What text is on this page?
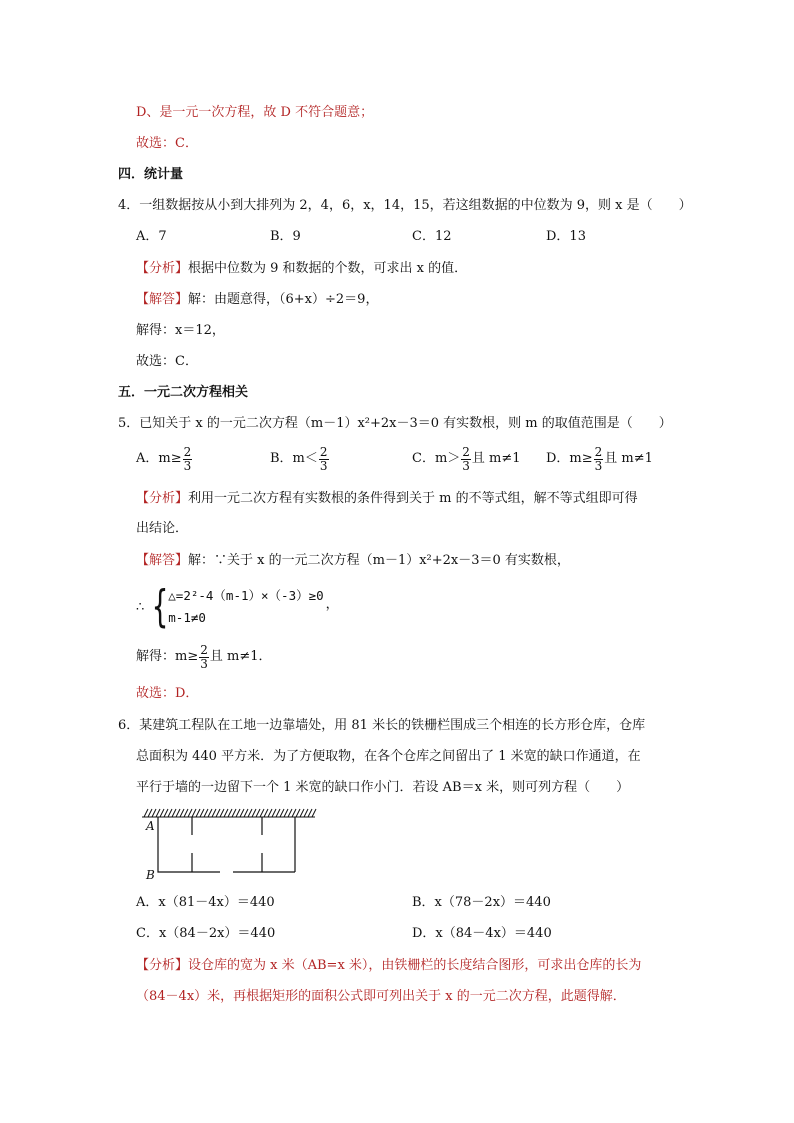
D、是一元一次方程，故 D 不符合题意；
故选：C．
四．统计量
4．一组数据按从小到大排列为 2，4，6，x，14，15，若这组数据的中位数为 9，则 x 是（　　）
A．7	B．9	C．12	D．13
【分析】根据中位数为 9 和数据的个数，可求出 x 的值．
【解答】解：由题意得，（6+x）÷2＝9，
解得：x＝12，
故选：C．
五．一元二次方程相关
5．已知关于 x 的一元二次方程（m－1）x²+2x－3＝0 有实数根，则 m 的取值范围是（　　）
A．$m\ge \frac{2}{3}$	B．$m< \frac{2}{3}$	C．$m> \frac{2}{3}$ 且 m≠1 D．$m\ge \frac{2}{3}$ 且 m≠1
【分析】利用一元二次方程有实数根的条件得到关于 m 的不等式组，解不等式组即可得
出结论．
【解答】解：∵关于 x 的一元二次方程（m－1）x²+2x－3＝0 有实数根，
∴ { △=2²-4（m-1）×（-3）≥0
m-1≠0
，
解得：$m\ge \frac{2}{3}$ 且 m≠1．
故选：D．
6．某建筑工程队在工地一边靠墙处，用 81 米长的铁栅栏围成三个相连的长方形仓库，仓库
总面积为 440 平方米．为了方便取物，在各个仓库之间留出了 1 米宽的缺口作通道，在
平行于墙的一边留下一个 1 米宽的缺口作小门．若设 AB＝x 米，则可列方程（　　）
A
B
A．x（81－4x）＝440	B．x（78－2x）＝440
C．x（84－2x）＝440	D．x（84－4x）＝440
【分析】设仓库的宽为 x 米（AB=x 米），由铁栅栏的长度结合图形，可求出仓库的长为
（84－4x）米，再根据矩形的面积公式即可列出关于 x 的一元二次方程，此题得解．
